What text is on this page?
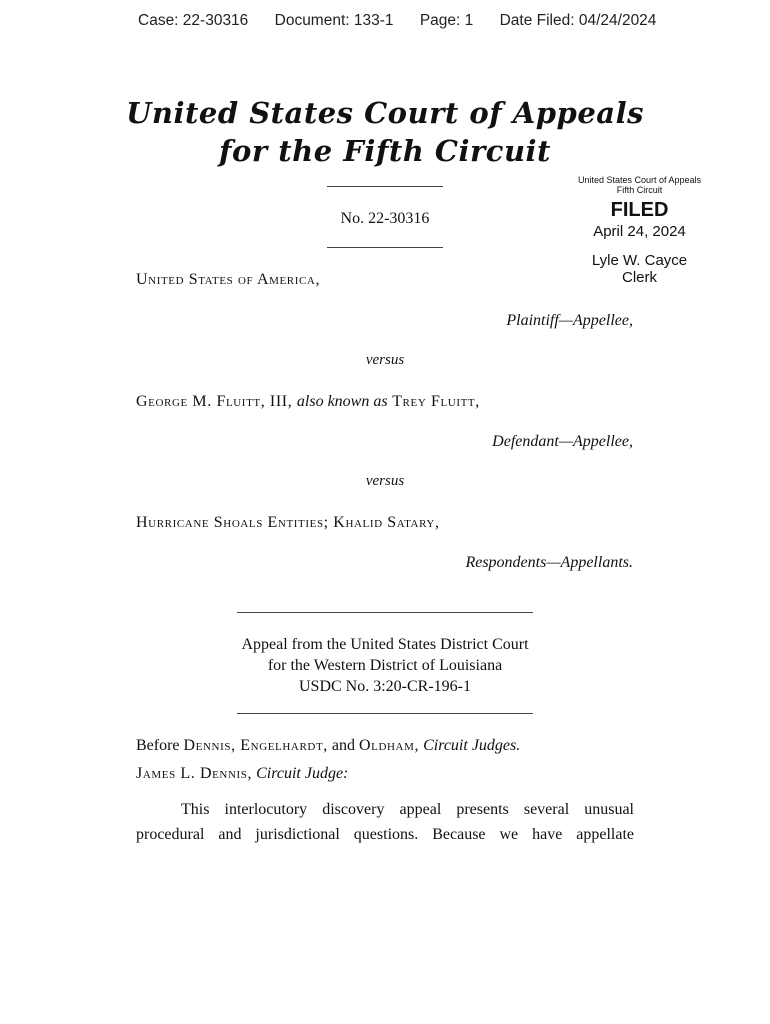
Case: 22-30316 Document: 133-1 Page: 1 Date Filed: 04/24/2024
United States Court of Appeals
for the Fifth Circuit
No. 22-30316
United States Court of Appeals
Fifth Circuit
FILED
April 24, 2024
Lyle W. Cayce
Clerk
United States of America,
Plaintiff—Appellee,
versus
George M. Fluitt, III, also known as Trey Fluitt,
Defendant—Appellee,
versus
Hurricane Shoals Entities; Khalid Satary,
Respondents—Appellants.
Appeal from the United States District Court
for the Western District of Louisiana
USDC No. 3:20-CR-196-1
Before Dennis, Engelhardt, and Oldham, Circuit Judges.
James L. Dennis, Circuit Judge:
This interlocutory discovery appeal presents several unusual procedural and jurisdictional questions. Because we have appellate
